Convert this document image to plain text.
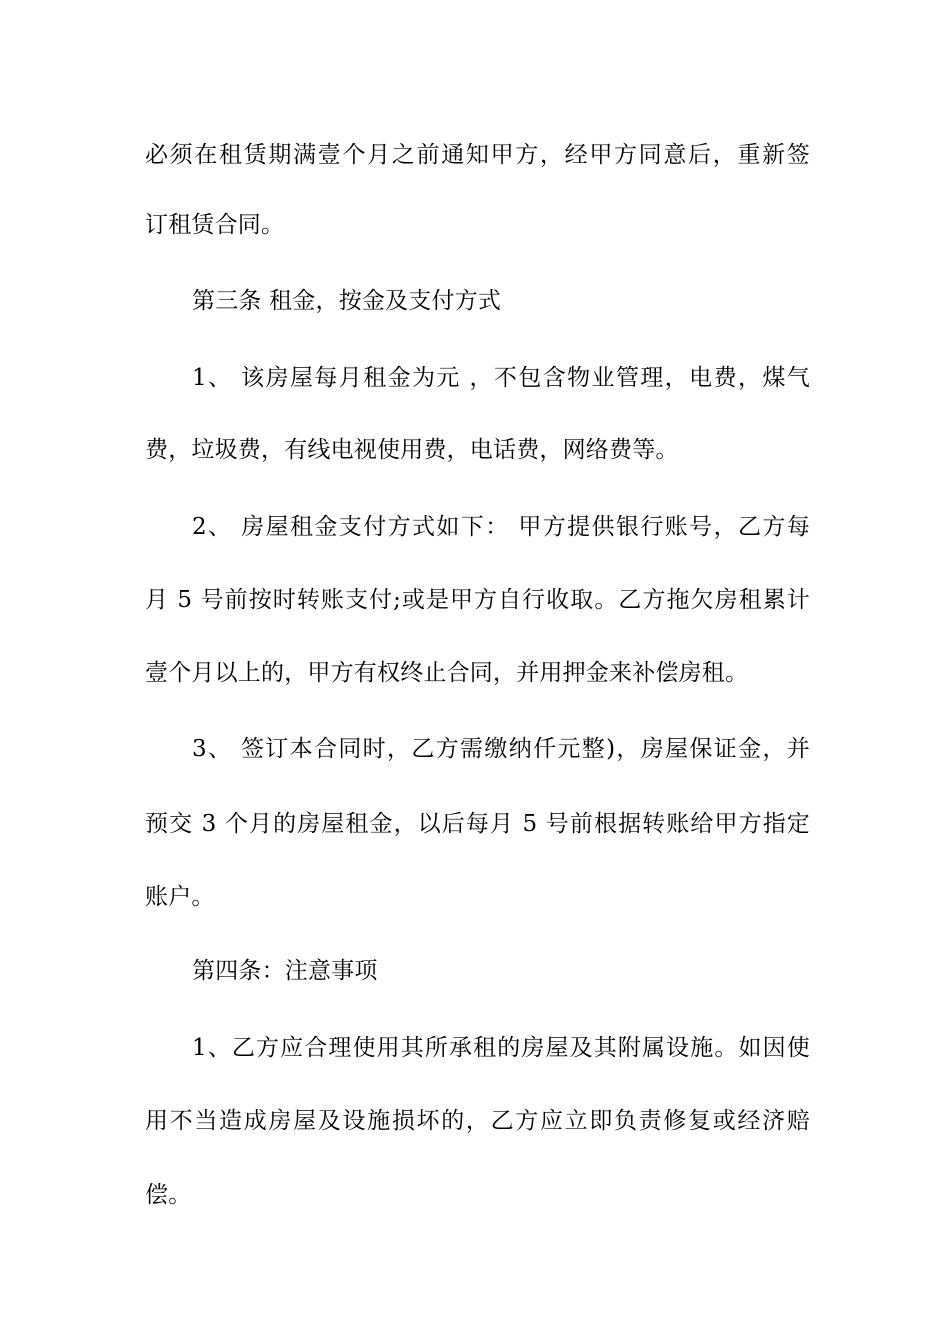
必须在租赁期满壹个月之前通知甲方，经甲方同意后，重新签
订租赁合同。
第三条 租金，按金及支付方式
1、 该房屋每月租金为元 ，不包含物业管理，电费，煤气
费，垃圾费，有线电视使用费，电话费，网络费等。
2、 房屋租金支付方式如下： 甲方提供银行账号，乙方每
月 5 号前按时转账支付;或是甲方自行收取。乙方拖欠房租累计
壹个月以上的，甲方有权终止合同，并用押金来补偿房租。
3、 签订本合同时，乙方需缴纳仟元整)，房屋保证金，并
预交 3 个月的房屋租金，以后每月 5 号前根据转账给甲方指定
账户。
第四条：注意事项
1、乙方应合理使用其所承租的房屋及其附属设施。如因使
用不当造成房屋及设施损坏的，乙方应立即负责修复或经济赔
偿。
